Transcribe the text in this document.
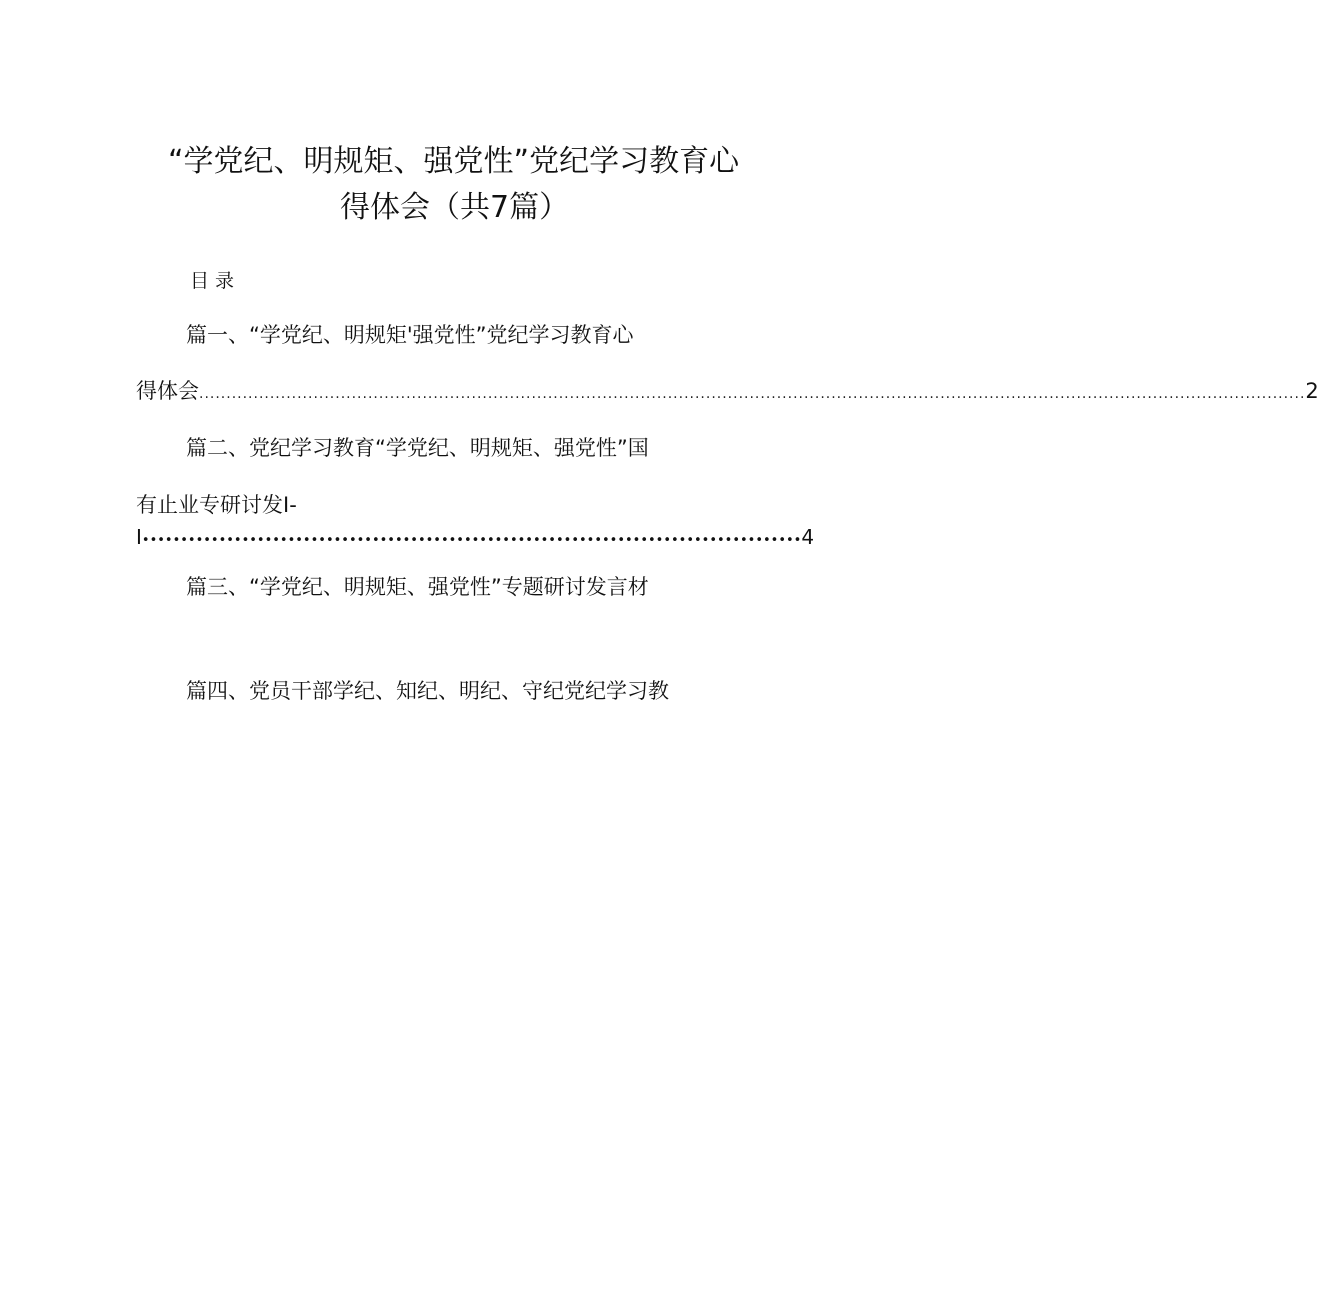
“学党纪、明规矩、强党性”党纪学习教育心
得体会（共7篇）
目录
篇一、“学党纪、明规矩'强党性”党纪学习教育心
得体会 ........................................................................................................................................................................................................... 2
篇二、党纪学习教育“学党纪、明规矩、强党性”国
有止业专研讨发I-
I •••••••••••••••••••••••••••••••••••••••••••••••••••••••••••••••••••••••••••••••••••••• 4
篇三、“学党纪、明规矩、强党性”专题研讨发言材
篇四、党员干部学纪、知纪、明纪、守纪党纪学习教
